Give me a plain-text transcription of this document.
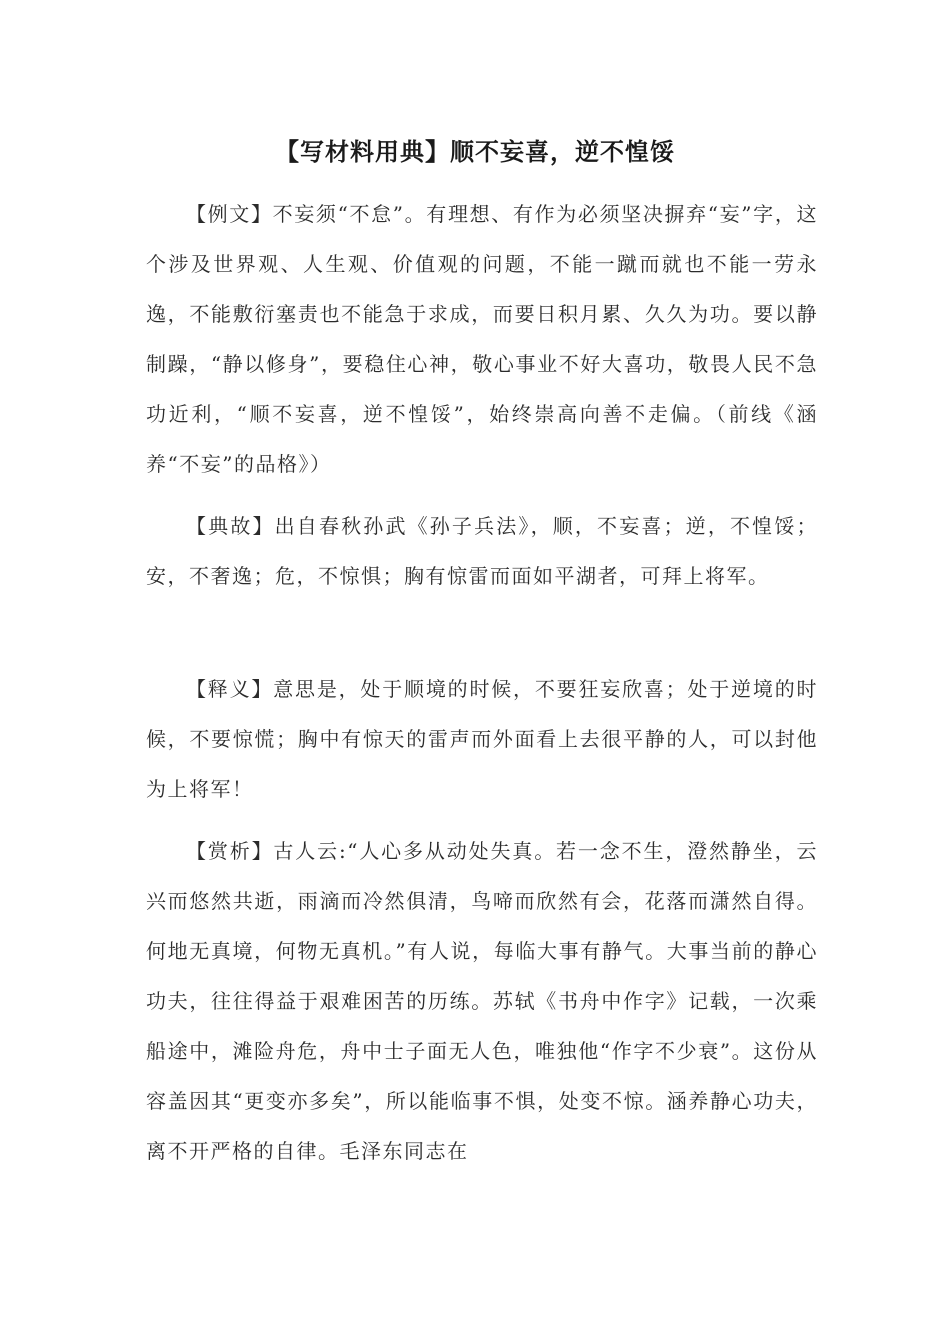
【写材料用典】顺不妄喜，逆不惶馁

【例文】不妄须“不怠”。有理想、有作为必须坚决摒弃“妄”字，这个涉及世界观、人生观、价值观的问题，不能一蹴而就也不能一劳永逸，不能敷衍塞责也不能急于求成，而要日积月累、久久为功。要以静制躁，“静以修身”，要稳住心神，敬心事业不好大喜功，敬畏人民不急功近利，“顺不妄喜，逆不惶馁”，始终崇高向善不走偏。（前线《涵养“不妄”的品格》）

【典故】出自春秋孙武《孙子兵法》，顺，不妄喜；逆，不惶馁；安，不奢逸；危，不惊惧；胸有惊雷而面如平湖者，可拜上将军。

【释义】意思是，处于顺境的时候，不要狂妄欣喜；处于逆境的时候，不要惊慌；胸中有惊天的雷声而外面看上去很平静的人，可以封他为上将军！

【赏析】古人云:“人心多从动处失真。若一念不生，澄然静坐，云兴而悠然共逝，雨滴而冷然俱清，鸟啼而欣然有会，花落而潇然自得。何地无真境，何物无真机。”有人说，每临大事有静气。大事当前的静心功夫，往往得益于艰难困苦的历练。苏轼《书舟中作字》记载，一次乘船途中，滩险舟危，舟中士子面无人色，唯独他“作字不少衰”。这份从容盖因其“更变亦多矣”，所以能临事不惧，处变不惊。涵养静心功夫，离不开严格的自律。毛泽东同志在
